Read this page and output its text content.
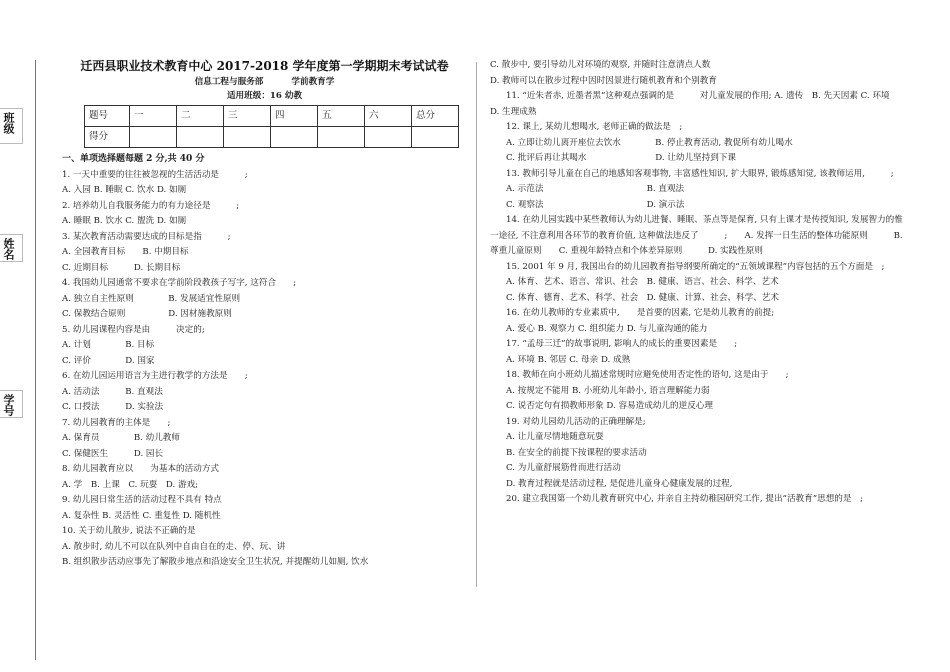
班级
姓名
学号
迁西县职业技术教育中心 2017-2018 学年度第一学期期末考试试卷
信息工程与服务部	学前教育学
适用班级：16 幼教
题号	一	二	三	四	五	六	总分
得分							
一、单项选择题每题 2 分,共 40 分
1. 一天中重要的往往被忽视的生活活动是　　　;
A. 入园 B. 睡眠 C. 饮水 D. 如厕
2. 培养幼儿自我服务能力的有力途径是　　　;
A. 睡眠 B. 饮水 C. 盥洗 D. 如厕
3. 某次教育活动需要达成的目标是指　　　;
A. 全园教育目标　　B. 中期目标
C. 近期目标　　　D. 长期目标
4. 我国幼儿园通常不要求在学前阶段教孩子写字, 这符合　　;
A. 独立自主性原则　　　　B. 发展适宜性原则
C. 保教结合原则　　　　　D. 因材施教原则
5. 幼儿园课程内容是由　　　决定的;
A. 计划　　　　B. 目标
C. 评价　　　　D. 国家
6. 在幼儿园运用语言为主进行教学的方法是　　;
A. 活动法　　　B. 直观法
C. 口授法　　　D. 实验法
7. 幼儿园教育的主体是　　;
A. 保育员　　　　B. 幼儿教师
C. 保健医生　　　D. 园长
8. 幼儿园教育应以　　为基本的活动方式
A. 学　B. 上课　C. 玩耍　D. 游戏;
9. 幼儿园日常生活的活动过程不具有 特点
A. 复杂性 B. 灵活性 C. 重复性 D. 随机性
10. 关于幼儿散步, 说法不正确的是
A. 散步时, 幼儿不可以在队列中自由自在的走、停、玩、讲
B. 组织散步活动应事先了解散步地点和沿途安全卫生状况, 并提醒幼儿如厕, 饮水
C. 散步中, 要引导幼儿对环境的观察, 并随时注意清点人数
D. 教师可以在散步过程中因时因景进行随机教育和个别教育
11. “近朱者赤, 近墨者黑”这种观点强调的是　　　对儿童发展的作用; A. 遗传　B. 先天因素 C. 环境　　　　D. 生理成熟
12. 课上, 某幼儿想喝水, 老师正确的做法是　;
A. 立即让幼儿离开座位去饮水　　　　B. 停止教育活动, 教促所有幼儿喝水
C. 批评后再让其喝水　　　　　　　　D. 让幼儿坚持到下课
13. 教师引导儿童在自己的地感知客观事物, 丰富感性知识, 扩大眼界, 锻炼感知觉, 该教师运用,　　　;
A. 示范法　　　　　　　　　　　　B. 直观法
C. 观察法　　　　　　　　　　　　D. 演示法
14. 在幼儿园实践中某些教师认为幼儿进餐、睡眠、茶点等是保育, 只有上课才是传授知识, 发展智力的惟一途径, 不注意利用各环节的教育价值, 这种做法违反了　　　;　　A. 发挥一日生活的整体功能原则　　　B. 尊重儿童原则　　C. 重视年龄特点和个体差异原则　　　D. 实践性原则
15. 2001 年 9 月, 我国出台的幼儿园教育指导纲要所确定的“五领域课程”内容包括的五个方面是　;
A. 体育、艺术、语言、常识、社会　B. 健康、语言、社会、科学、艺术
C. 体育、德育、艺术、科学、社会　D. 健康、计算、社会、科学、艺术
16. 在幼儿教师的专业素质中,　　是首要的因素, 它是幼儿教育的前提;
A. 爱心 B. 观察力 C. 组织能力 D. 与儿童沟通的能力
17. “孟母三迁”的故事说明, 影响人的成长的重要因素是　　;
A. 环境 B. 邻居 C. 母亲 D. 成熟
18. 教师在向小班幼儿描述常规时应避免使用否定性的语句, 这是由于　　;
A. 按规定不能用 B. 小班幼儿年龄小, 语言理解能力弱
C. 说否定句有损教师形象 D. 容易造成幼儿的逆反心理
19. 对幼儿园幼儿活动的正确理解是;
A. 让儿童尽情地随意玩耍
B. 在安全的前提下按课程的要求活动
C. 为儿童舒展筋骨而进行活动
D. 教育过程就是活动过程, 是促进儿童身心健康发展的过程,
20. 建立我国第一个幼儿教育研究中心, 并亲自主持幼稚园研究工作, 提出“活教育”思想的是　;
